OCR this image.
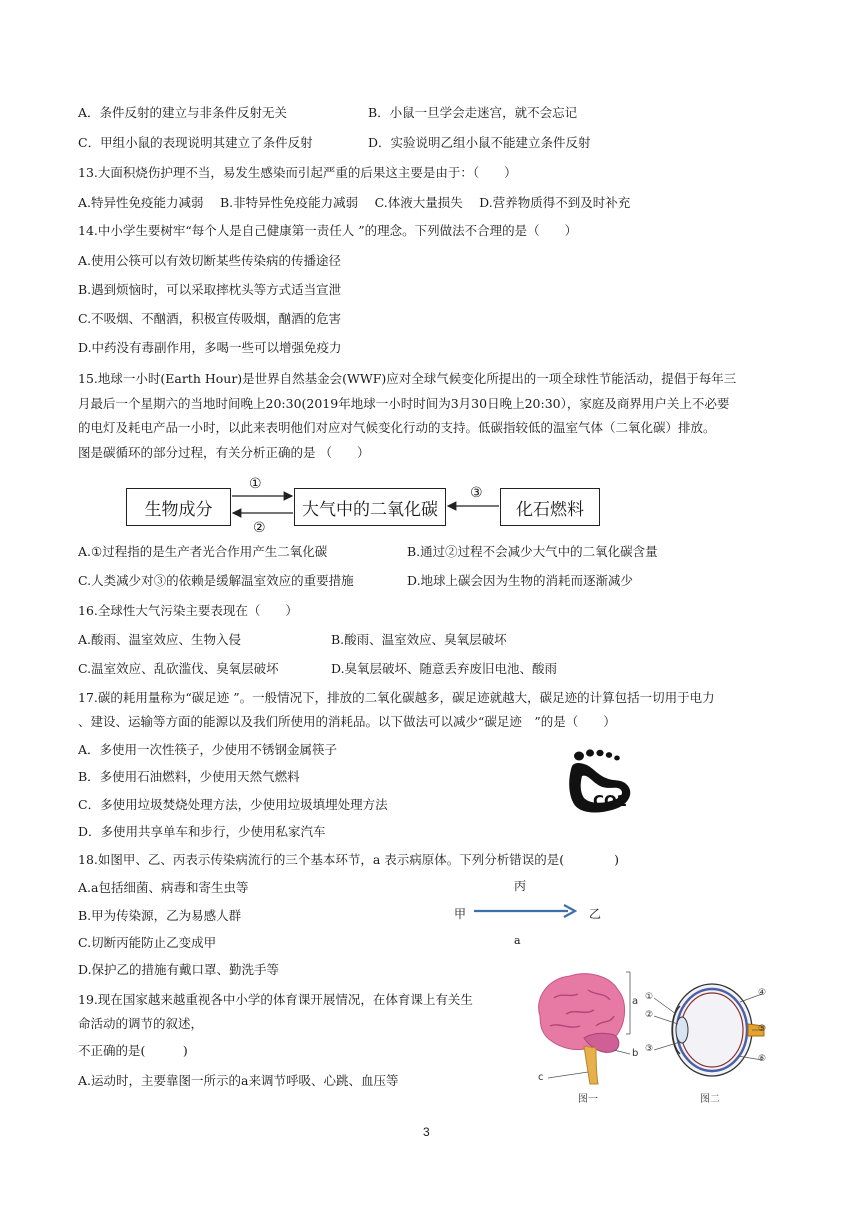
A．条件反射的建立与非条件反射无关	B．小鼠一旦学会走迷宫，就不会忘记
C．甲组小鼠的表现说明其建立了条件反射	D．实验说明乙组小鼠不能建立条件反射
13.大面积烧伤护理不当，易发生感染而引起严重的后果这主要是由于：（　　）
A.特异性免疫能力减弱　 B.非特异性免疫能力减弱　 C.体液大量损失　 D.营养物质得不到及时补充
14.中小学生要树牢“每个人是自己健康第一责任人 ”的理念。下列做法不合理的是（　　）
A.使用公筷可以有效切断某些传染病的传播途径
B.遇到烦恼时，可以采取摔枕头等方式适当宣泄
C.不吸烟、不酗酒，积极宣传吸烟，酗酒的危害
D.中药没有毒副作用，多喝一些可以增强免疫力
15.地球一小时(Earth Hour)是世界自然基金会(WWF)应对全球气候变化所提出的一项全球性节能活动，提倡于每年三
月最后一个星期六的当地时间晚上20:30(2019年地球一小时时间为3月30日晚上20:30），家庭及商界用户关上不必要
的电灯及耗电产品一小时，以此来表明他们对应对气候变化行动的支持。低碳指较低的温室气体（二氧化碳）排放。
图是碳循环的部分过程，有关分析正确的是 （　　）
生物成分	大气中的二氧化碳	化石燃料
①
②
③
A.①过程指的是生产者光合作用产生二氧化碳	B.通过②过程不会减少大气中的二氧化碳含量
C.人类减少对③的依赖是缓解温室效应的重要措施	D.地球上碳会因为生物的消耗而逐渐减少
16.全球性大气污染主要表现在（　　）
A.酸雨、温室效应、生物入侵	B.酸雨、温室效应、臭氧层破坏
C.温室效应、乱砍滥伐、臭氧层破坏	D.臭氧层破坏、随意丢弃废旧电池、酸雨
17.碳的耗用量称为“碳足迹 ”。一般情况下，排放的二氧化碳越多，碳足迹就越大，碳足迹的计算包括一切用于电力
、建设、运输等方面的能源以及我们所使用的消耗品。以下做法可以减少“碳足迹　”的是（　　）
A．多使用一次性筷子，少使用不锈钢金属筷子
B．多使用石油燃料，少使用天然气燃料
C．多使用垃圾焚烧处理方法，少使用垃圾填埋处理方法
D．多使用共享单车和步行，少使用私家汽车
CO2
18.如图甲、乙、丙表示传染病流行的三个基本环节，a 表示病原体。下列分析错误的是(　　　　)
A.a包括细菌、病毒和寄生虫等
B.甲为传染源，乙为易感人群
C.切断丙能防止乙变成甲
D.保护乙的措施有戴口罩、勤洗手等
丙
甲	乙
a
19.现在国家越来越重视各中小学的体育课开展情况，在体育课上有关生
命活动的调节的叙述，
不正确的是(　　　)
A.运动时，主要靠图一所示的a来调节呼吸、心跳、血压等
a
b
c
图一
①
②
③
④
⑤
⑥
图二
3
